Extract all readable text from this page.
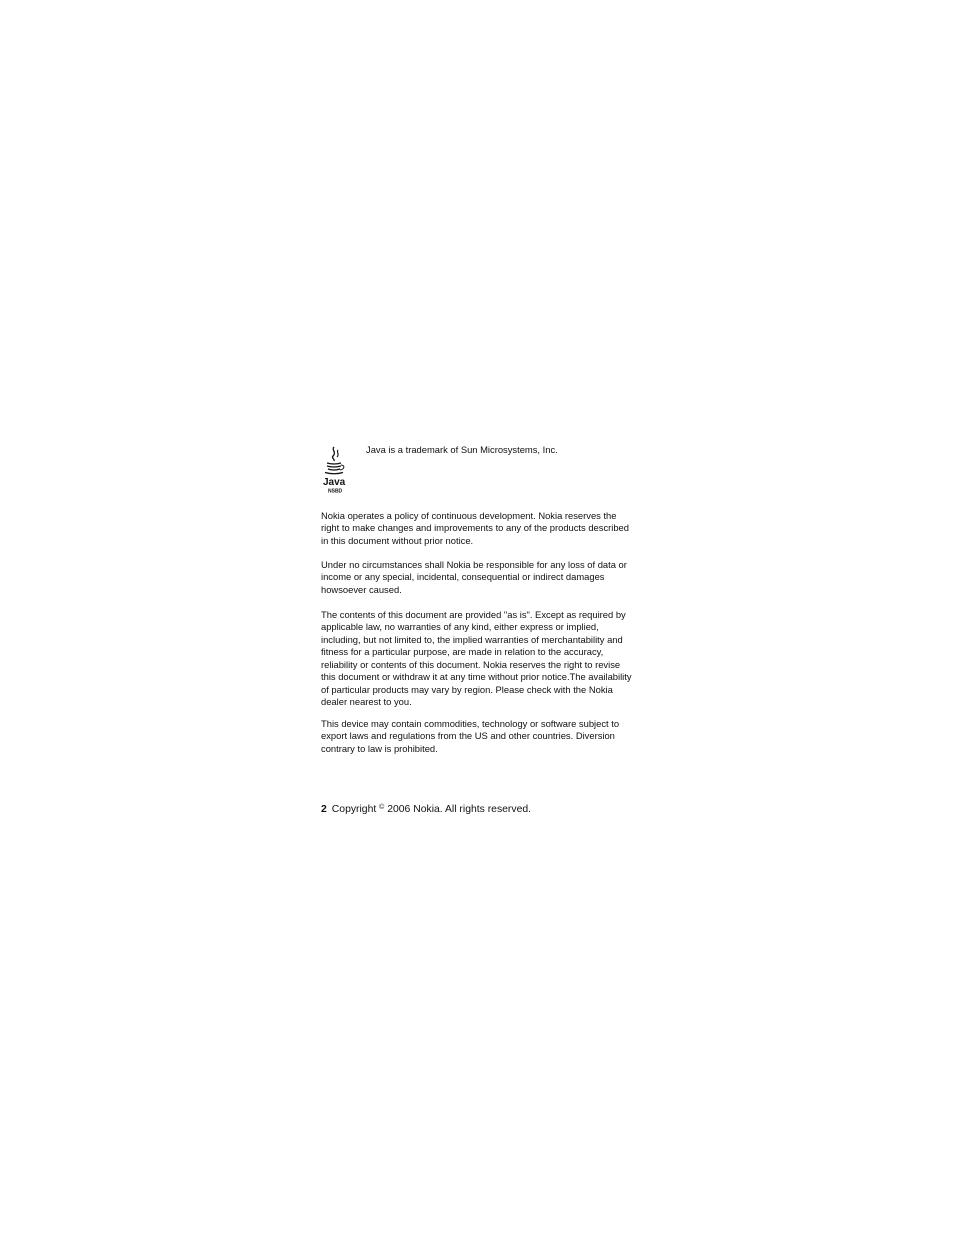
Java
NSBD
Java is a trademark of Sun Microsystems, Inc.

Nokia operates a policy of continuous development. Nokia reserves the right to make changes and improvements to any of the products described in this document without prior notice.

Under no circumstances shall Nokia be responsible for any loss of data or income or any special, incidental, consequential or indirect damages howsoever caused.

The contents of this document are provided "as is". Except as required by applicable law, no warranties of any kind, either express or implied, including, but not limited to, the implied warranties of merchantability and fitness for a particular purpose, are made in relation to the accuracy, reliability or contents of this document. Nokia reserves the right to revise this document or withdraw it at any time without prior notice.The availability of particular products may vary by region. Please check with the Nokia dealer nearest to you.

This device may contain commodities, technology or software subject to export laws and regulations from the US and other countries. Diversion contrary to law is prohibited.

2 Copyright © 2006 Nokia. All rights reserved.
